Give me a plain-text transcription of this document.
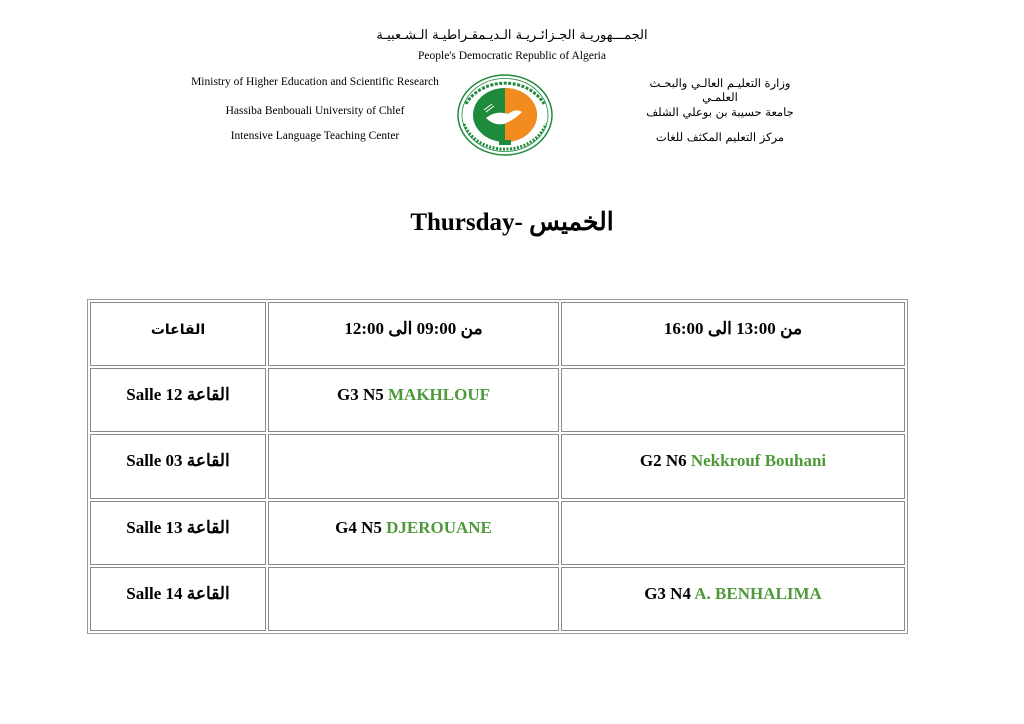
الجمـــهوريـة الجـزائـريـة الـديـمقـراطيـة الـشـعبيـة
People's Democratic Republic of Algeria
Ministry of Higher Education and Scientific Research
Hassiba Benbouali University of Chlef
Intensive Language Teaching Center
وزارة التعليـم العالـي والبحـث العلمـي
جامعة حسيبة بن بوعلي الشلف
مركز التعليم المكثف للغات
Thursday- الخميس
القاعات	من 09:00 الى 12:00	من 13:00 الى 16:00
Salle 12 القاعة	G3 N5 MAKHLOUF	
Salle 03 القاعة		G2 N6 Nekkrouf Bouhani
Salle 13 القاعة	G4 N5 DJEROUANE	
Salle 14 القاعة		G3 N4 A. BENHALIMA
